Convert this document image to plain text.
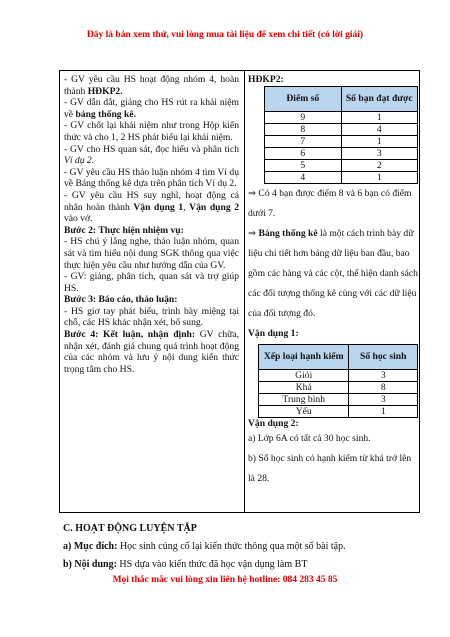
Đây là bản xem thử, vui lòng mua tài liệu để xem chi tiết (có lời giải)

- GV yêu cầu HS hoạt động nhóm 4, hoàn thành HĐKP2.

- GV dẫn dắt, giảng cho HS rút ra khái niệm về bảng thống kê.

- GV chốt lại khái niệm như trong Hộp kiến thức và cho 1, 2 HS phát biểu lại khái niệm.

- GV cho HS quan sát, đọc hiểu và phân tích Ví dụ 2.

- GV yêu cầu HS thảo luận nhóm 4 tìm Ví dụ về Bảng thống kê dựa trên phân tích Ví dụ 2.

- GV yêu cầu HS suy nghĩ, hoạt động cá nhân hoàn thành Vận dụng 1, Vận dụng 2 vào vở.

Bước 2: Thực hiện nhiệm vụ:

- HS chú ý lắng nghe, thảo luận nhóm, quan sát và tìm hiểu nội dung SGK thông qua việc thực hiện yêu cầu như hướng dẫn của GV.

- GV: giảng, phân tích, quan sát và trợ giúp HS.

Bước 3: Báo cáo, thảo luận:

- HS giơ tay phát biểu, trình bày miệng tại chỗ, các HS khác nhận xét, bổ sung.

Bước 4: Kết luận, nhận định: GV chữa, nhận xét, đánh giá chung quá trình hoạt động của các nhóm và lưu ý nội dung kiến thức trọng tâm cho HS.

HĐKP2:

Điểm số	Số bạn đạt được
9	1
8	4
7	1
6	3
5	2
4	1

⇒ Có 4 bạn được điểm 8 và 6 bạn có điểm dưới 7.

⇒ Bảng thống kê là một cách trình bày dữ liệu chi tiết hơn bảng dữ liệu ban đầu, bao gồm các hàng và các cột, thể hiện danh sách các đối tượng thống kê cùng với các dữ liệu của đối tượng đó.

Vận dụng 1:

Xếp loại hạnh kiểm	Số học sinh
Giỏi	3
Khá	8
Trung bình	3
Yếu	1

Vận dụng 2:

a) Lớp 6A có tất cả 30 học sinh.

b) Số học sinh có hạnh kiểm từ khá trở lên là 28.

C. HOẠT ĐỘNG LUYỆN TẬP

a) Mục đích: Học sinh củng cố lại kiến thức thông qua một số bài tập.

b) Nội dung: HS dựa vào kiến thức đã học vận dụng làm BT

Mọi thắc mắc vui lòng xin liên hệ hotline: 084 283 45 85
